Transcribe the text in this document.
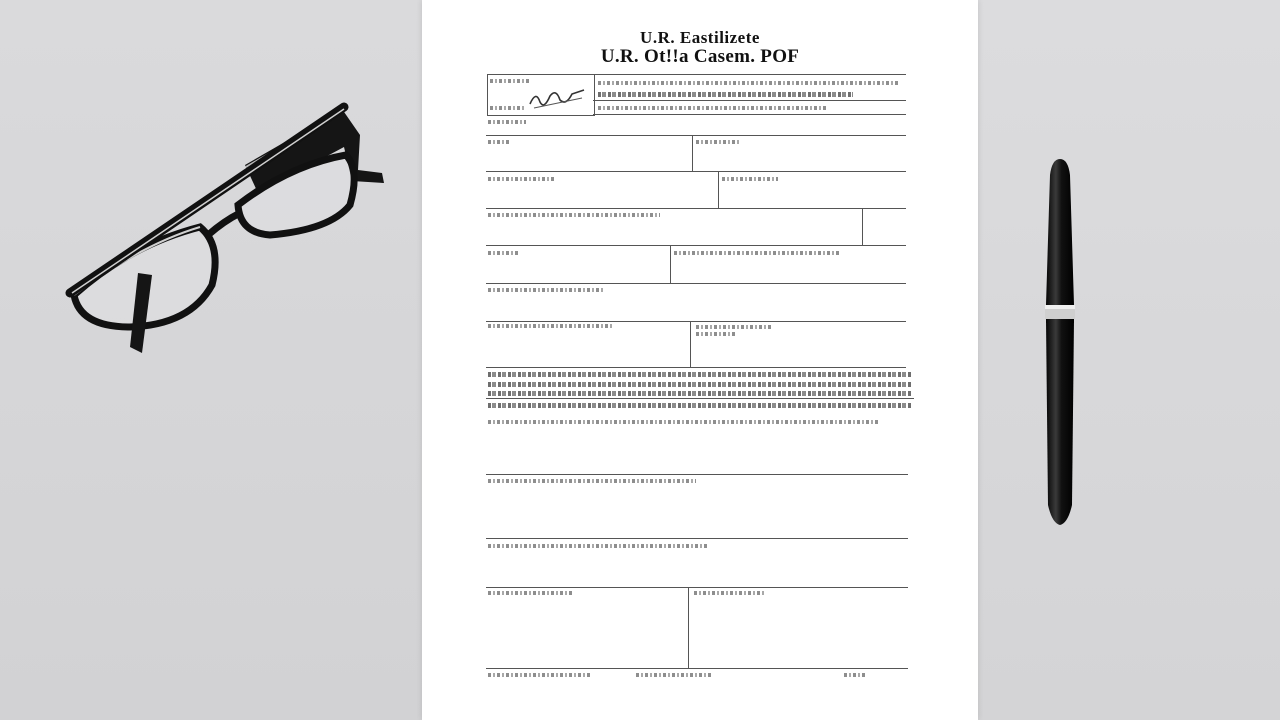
U.R. Eastilizete
U.R. Ot!!a Casem. POF
